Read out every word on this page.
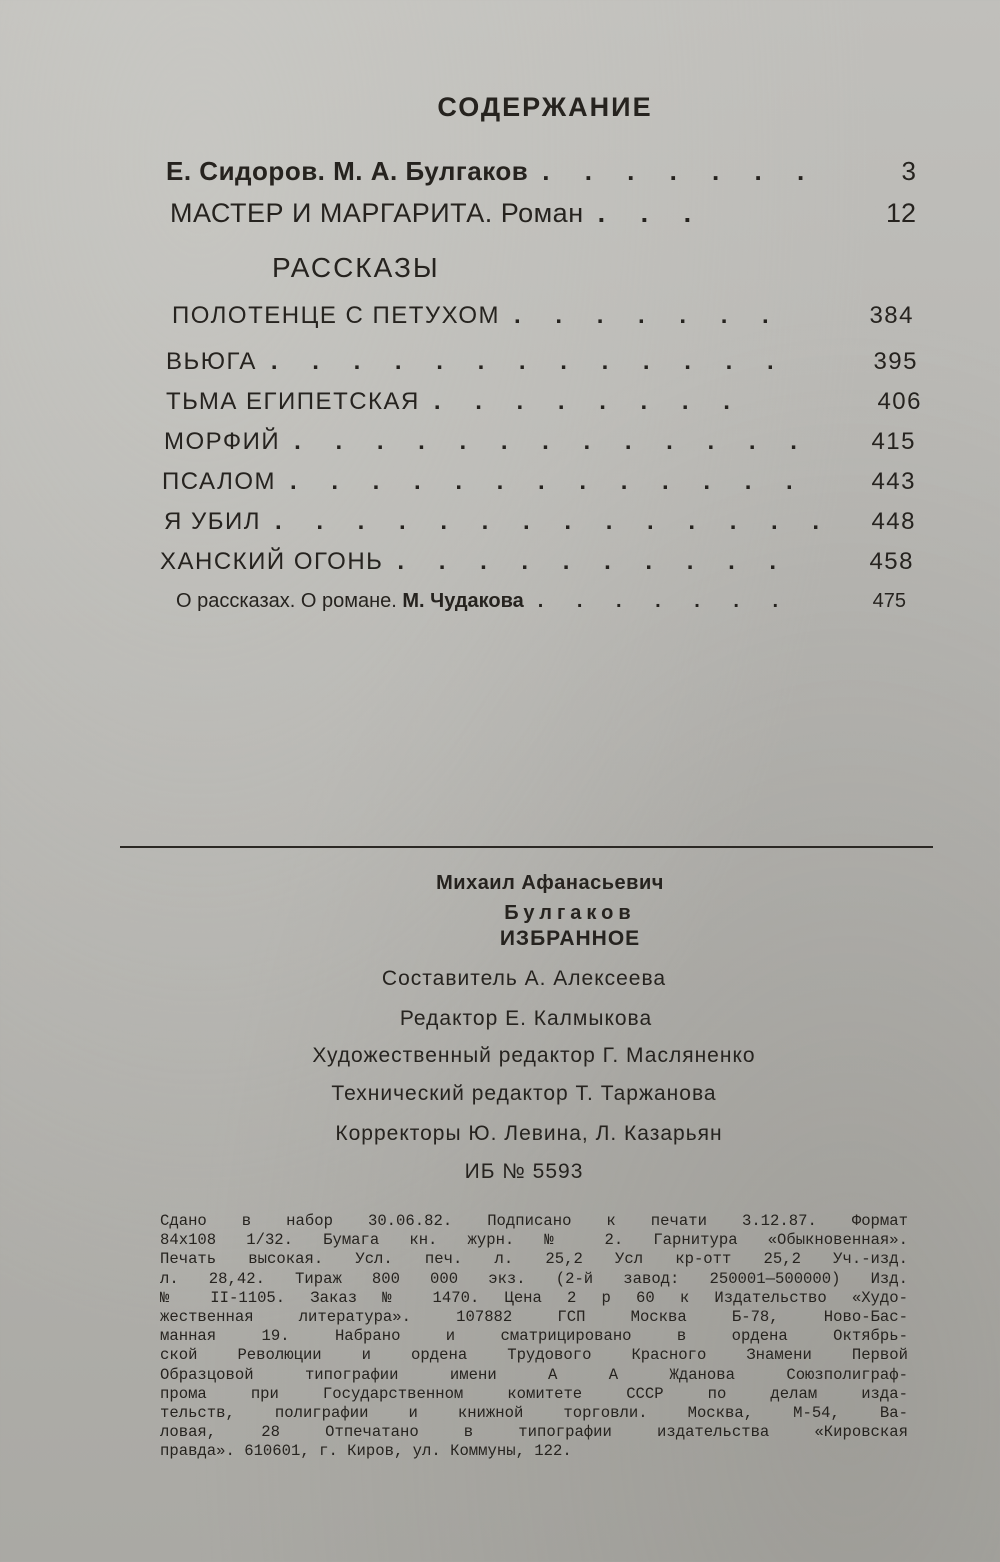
СОДЕРЖАНИЕ
Е. Сидоров. М. А. Булгаков . . . . . . .	3
МАСТЕР И МАРГАРИТА. Роман . . .	12
РАССКАЗЫ
ПОЛОТЕНЦЕ С ПЕТУХОМ . . . . . . .	384
ВЬЮГА . . . . . . . . . . . . .	395
ТЬМА ЕГИПЕТСКАЯ . . . . . . . .	406
МОРФИЙ . . . . . . . . . . . . .	415
ПСАЛОМ . . . . . . . . . . . . .	443
Я УБИЛ . . . . . . . . . . . . . .	448
ХАНСКИЙ ОГОНЬ . . . . . . . . . .	458
О рассказах. О романе. М. Чудакова . . . . . . .	475
Михаил Афанасьевич
Булгаков
ИЗБРАННОЕ
Составитель А. Алексеева
Редактор Е. Калмыкова
Художественный редактор Г. Масляненко
Технический редактор Т. Таржанова
Корректоры Ю. Левина, Л. Казарьян
ИБ № 5593
Сдано в набор 30.06.82. Подписано к печати 3.12.87. Формат
84x108 1/32. Бумага кн. журн. № 2. Гарнитура «Обыкновенная».
Печать высокая. Усл. печ. л. 25,2 Усл кр-отт 25,2 Уч.-изд.
л. 28,42. Тираж 800 000 экз. (2-й завод: 250001—500000) Изд.
№ II-1105. Заказ № 1470. Цена 2 р 60 к Издательство «Худо-
жественная литература». 107882 ГСП Москва Б-78, Ново-Бас-
манная 19. Набрано и сматрицировано в ордена Октябрь-
ской Революции и ордена Трудового Красного Знамени Первой
Образцовой типографии имени А А Жданова Союзполиграф-
прома при Государственном комитете СССР по делам изда-
тельств, полиграфии и книжной торговли. Москва, М-54, Ва-
ловая, 28 Отпечатано в типографии издательства «Кировская
правда». 610601, г. Киров, ул. Коммуны, 122.
